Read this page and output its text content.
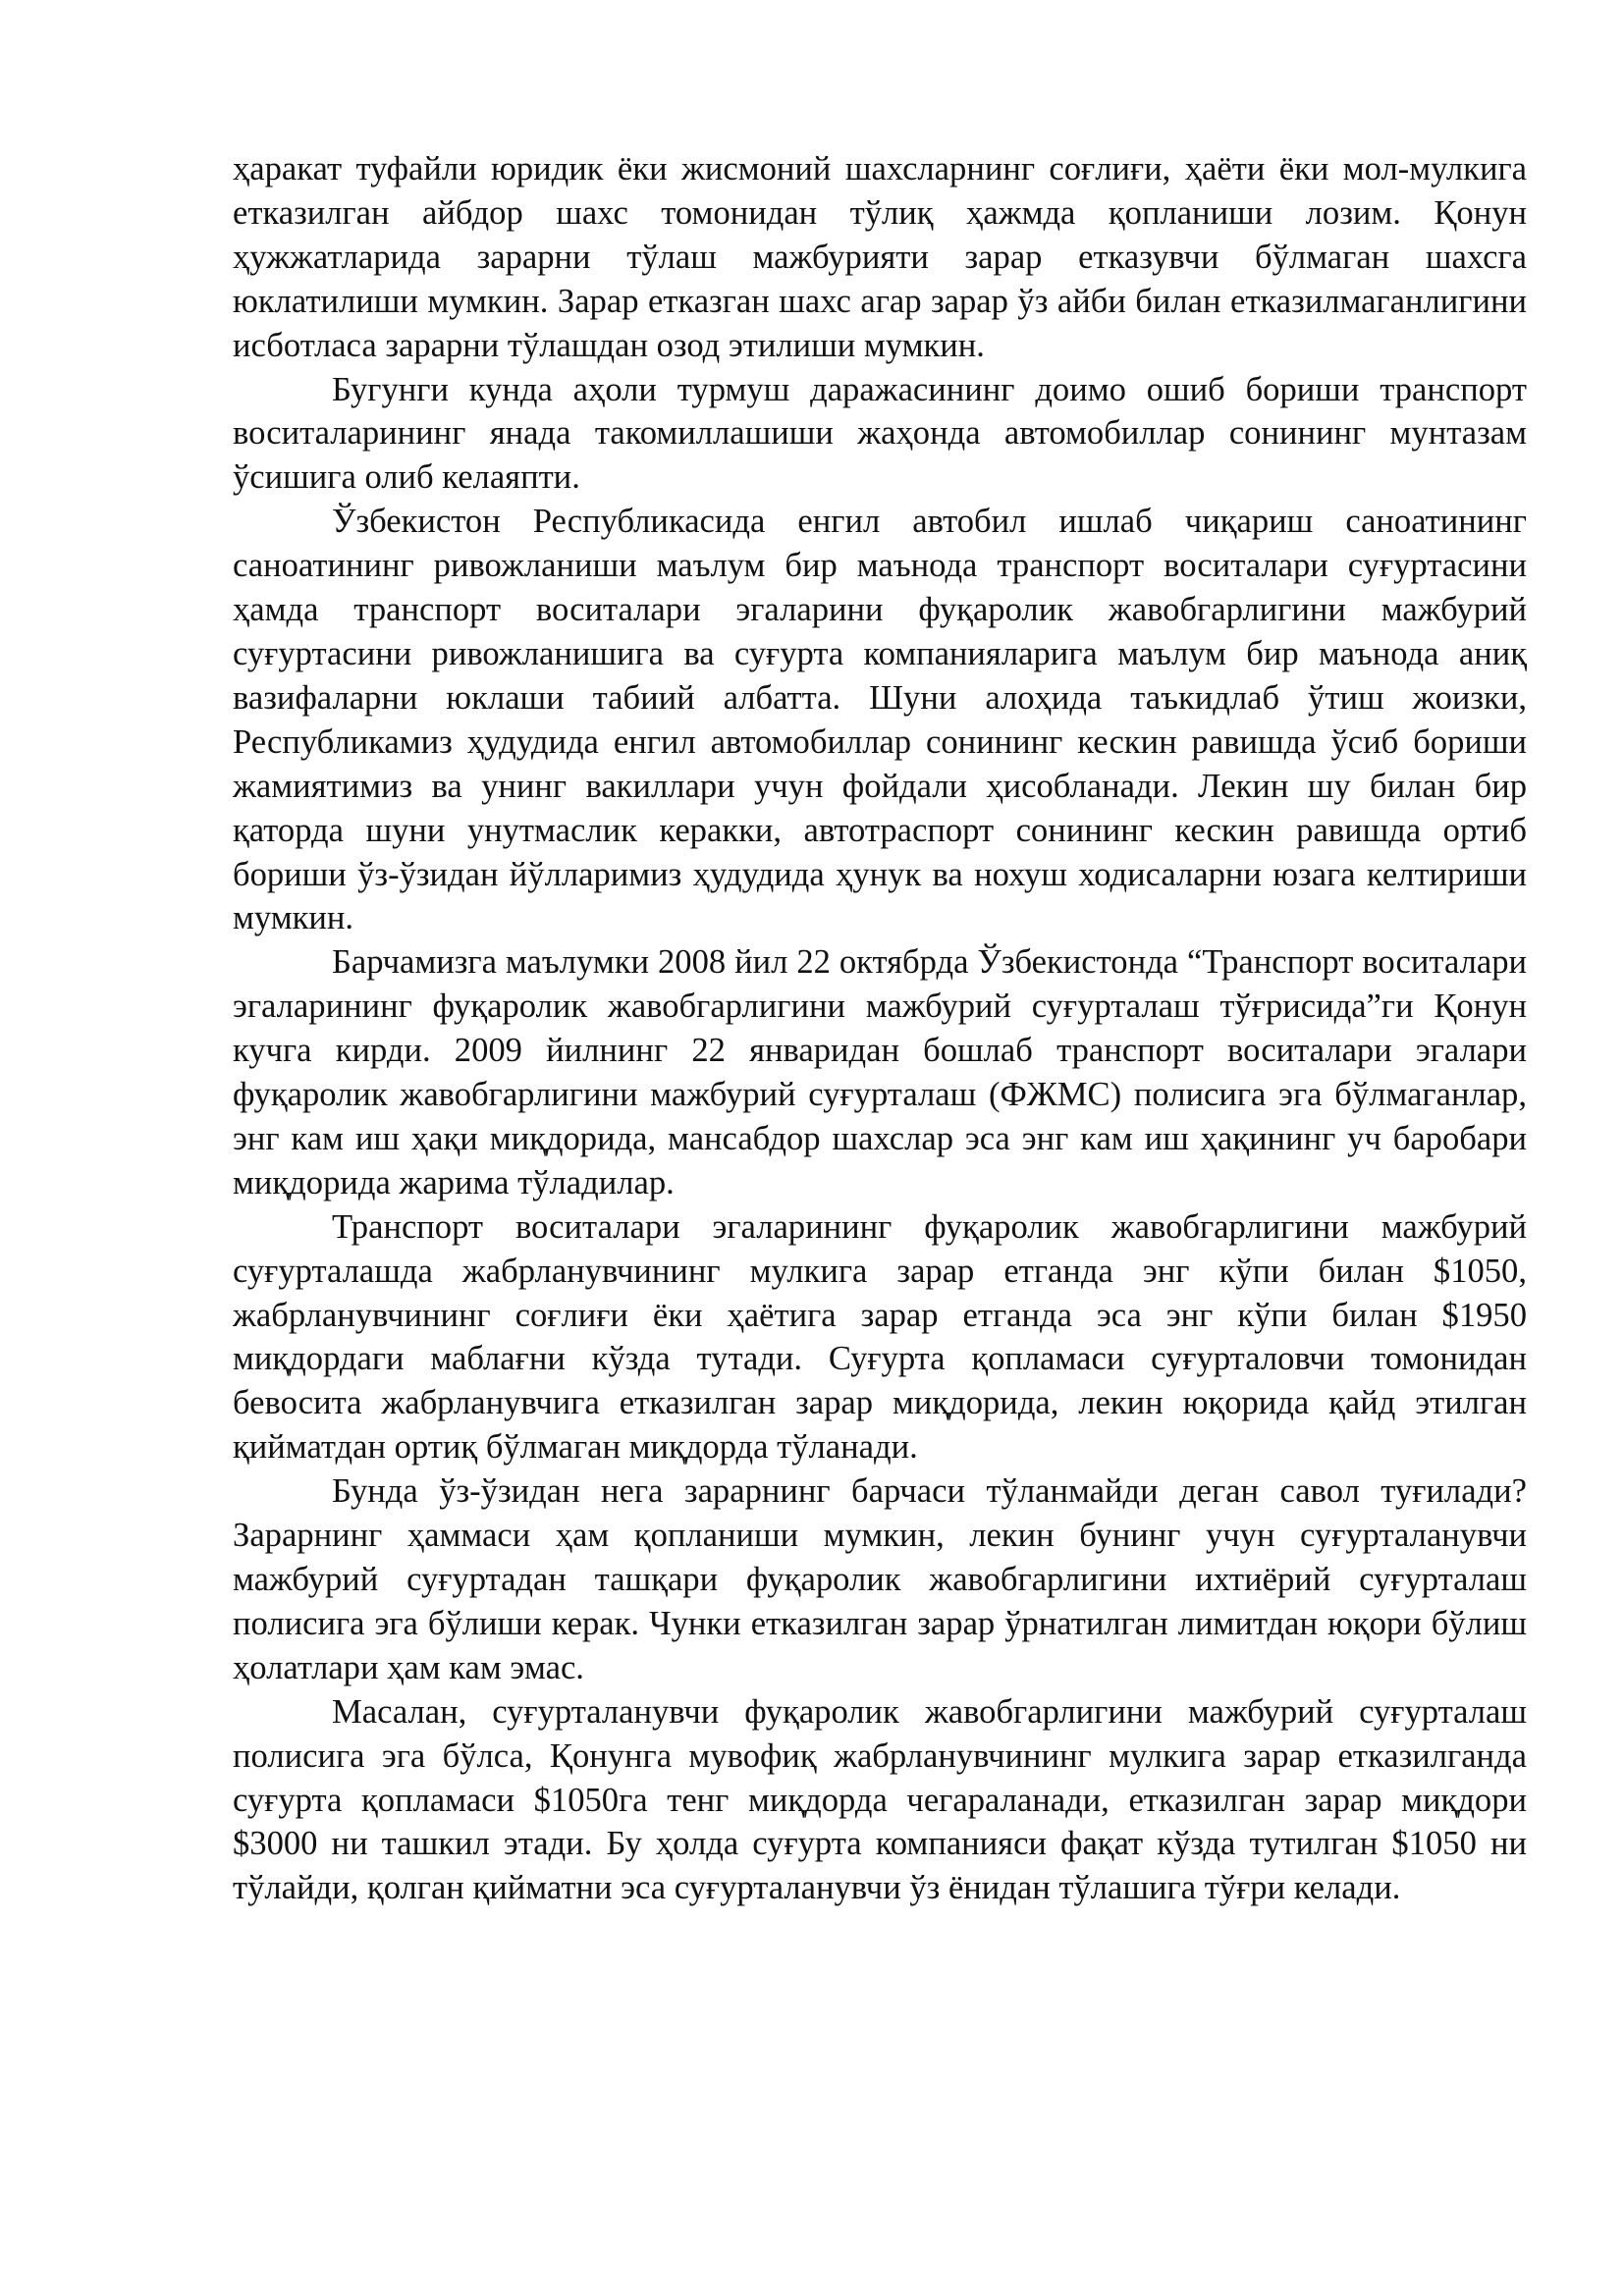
ҳаракат туфайли юридик ёки жисмоний шахсларнинг соғлиғи, ҳаёти ёки мол-мулкига етказилган айбдор шахс томонидан тўлиқ ҳажмда қопланиши лозим. Қонун ҳужжатларида зарарни тўлаш мажбурияти зарар етказувчи бўлмаган шахсга юклатилиши мумкин. Зарар етказган шахс агар зарар ўз айби билан етказилмаганлигини исботласа зарарни тўлашдан озод этилиши мумкин.

Бугунги кунда аҳоли турмуш даражасининг доимо ошиб бориши транспорт воситаларининг янада такомиллашиши жаҳонда автомобиллар сонининг мунтазам ўсишига олиб келаяпти.

Ўзбекистон Республикасида енгил автобил ишлаб чиқариш саноатининг саноатининг ривожланиши маълум бир маънода транспорт воситалари суғуртасини ҳамда транспорт воситалари эгаларини фуқаролик жавобгарлигини мажбурий суғуртасини ривожланишига ва суғурта компанияларига маълум бир маънода аниқ вазифаларни юклаши табиий албатта. Шуни алоҳида таъкидлаб ўтиш жоизки, Республикамиз ҳудудида енгил автомобиллар сонининг кескин равишда ўсиб бориши жамиятимиз ва унинг вакиллари учун фойдали ҳисобланади. Лекин шу билан бир қаторда шуни унутмаслик керакки, автотраспорт сонининг кескин равишда ортиб бориши ўз-ўзидан йўлларимиз ҳудудида ҳунук ва нохуш ходисаларни юзага келтириши мумкин.

Барчамизга маълумки 2008 йил 22 октябрда Ўзбекистонда “Транспорт воситалари эгаларининг фуқаролик жавобгарлигини мажбурий суғурталаш тўғрисида”ги Қонун кучга кирди. 2009 йилнинг 22 январидан бошлаб транспорт воситалари эгалари фуқаролик жавобгарлигини мажбурий суғурталаш (ФЖМС) полисига эга бўлмаганлар, энг кам иш ҳақи миқдорида, мансабдор шахслар эса энг кам иш ҳақининг уч баробари миқдорида жарима тўладилар.

Транспорт воситалари эгаларининг фуқаролик жавобгарлигини мажбурий суғурталашда жабрланувчининг мулкига зарар етганда энг кўпи билан $1050, жабрланувчининг соғлиғи ёки ҳаётига зарар етганда эса энг кўпи билан $1950 миқдордаги маблағни кўзда тутади. Суғурта қопламаси суғурталовчи томонидан бевосита жабрланувчига етказилган зарар миқдорида, лекин юқорида қайд этилган қийматдан ортиқ бўлмаган миқдорда тўланади.

Бунда ўз-ўзидан нега зарарнинг барчаси тўланмайди деган савол туғилади? Зарарнинг ҳаммаси ҳам қопланиши мумкин, лекин бунинг учун суғурталанувчи мажбурий суғуртадан ташқари фуқаролик жавобгарлигини ихтиёрий суғурталаш полисига эга бўлиши керак. Чунки етказилган зарар ўрнатилган лимитдан юқори бўлиш ҳолатлари ҳам кам эмас.

Масалан, суғурталанувчи фуқаролик жавобгарлигини мажбурий суғурталаш полисига эга бўлса, Қонунга мувофиқ жабрланувчининг мулкига зарар етказилганда суғурта қопламаси $1050га тенг миқдорда чегараланади, етказилган зарар миқдори $3000 ни ташкил этади. Бу ҳолда суғурта компанияси фақат кўзда тутилган $1050 ни тўлайди, қолган қийматни эса суғурталанувчи ўз ёнидан тўлашига тўғри келади.
